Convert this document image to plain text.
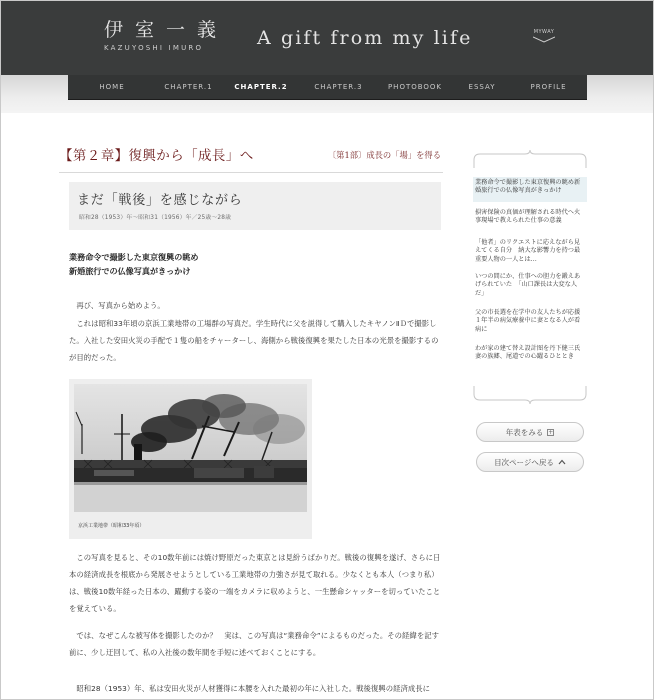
伊室一義
KAZUYOSHI IMURO	A gift from my life	MYWAY
HOME	CHAPTER.1	CHAPTER.2	CHAPTER.3	PHOTOBOOK	ESSAY	PROFILE
【第２章】復興から「成長」へ	〔第1部〕成長の「場」を得る
まだ「戦後」を感じながら
昭和28（1953）年〜昭和31（1956）年／25歳〜28歳
業務命令で撮影した東京復興の眺め
新婚旅行での仏像写真がきっかけ
　再び、写真から始めよう。
　これは昭和33年頃の京浜工業地帯の工場群の写真だ。学生時代に父を説得して購入したキヤノンⅡＤで撮影した。入社した安田火災の手配で１隻の船をチャーターし、海側から戦後復興を果たした日本の光景を撮影するのが目的だった。
京浜工業地帯（昭和33年頃）
　この写真を見ると、その10数年前には焼け野原だった東京とは見紛うばかりだ。戦後の復興を遂げ、さらに日本の経済成長を根底から発展させようとしている工業地帯の力強さが見て取れる。少なくとも本人（つまり私）は、戦後10数年経った日本の、躍動する姿の一端をカメラに収めようと、一生懸命シャッターを切っていたことを覚えている。
　では、なぜこんな被写体を撮影したのか？　実は、この写真は“業務命令”によるものだった。その経緯を記す前に、少し迂回して、私の入社後の数年間を手短に述べておくことにする。
　昭和28（1953）年、私は安田火災が人材獲得に本腰を入れた最初の年に入社した。戦後復興の経済成長に
業務命令で撮影した東京復興の眺め新婚旅行での仏像写真がきっかけ
損害保険の真価が理解される時代へ火事現場で教えられた仕事の意義
「他者」のリクエストに応えながら見えてくる自分　納大な影響力を持つ最重要人物の一人とは…
いつの間にか、仕事への胆力を鍛えあげられていた　「山口課長は大変な人だ」
父の市長選を在学中の友人たちが応援　１年半の病気療養中に妻となる人が看病に
わが家の建て替え設計图を丹下健三氏　妻の族郷、尾道での心躍るひととき
年表をみる +
目次ページへ戻る
